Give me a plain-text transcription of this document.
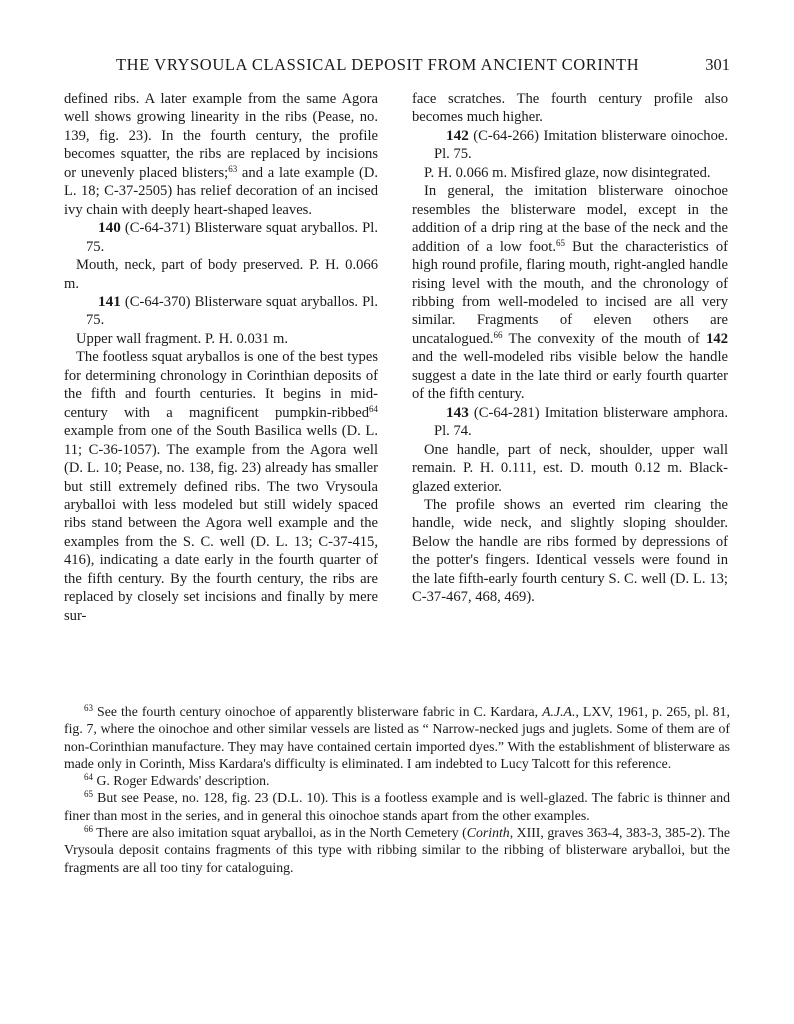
THE VRYSOULA CLASSICAL DEPOSIT FROM ANCIENT CORINTH	301

defined ribs. A later example from the same Agora well shows growing linearity in the ribs (Pease, no. 139, fig. 23). In the fourth century, the profile becomes squatter, the ribs are replaced by incisions or unevenly placed blisters;$^{63}$ and a late example (D. L. 18; C-37-2505) has relief decoration of an incised ivy chain with deeply heart-shaped leaves.

140 (C-64-371) Blisterware squat aryballos. Pl. 75.

Mouth, neck, part of body preserved. P. H. 0.066 m.

141 (C-64-370) Blisterware squat aryballos. Pl. 75.

Upper wall fragment. P. H. 0.031 m.

The footless squat aryballos is one of the best types for determining chronology in Corinthian deposits of the fifth and fourth centuries. It begins in mid-century with a magnificent pumpkin-ribbed$^{64}$ example from one of the South Basilica wells (D. L. 11; C-36-1057). The example from the Agora well (D. L. 10; Pease, no. 138, fig. 23) already has smaller but still extremely defined ribs. The two Vrysoula aryballoi with less modeled but still widely spaced ribs stand between the Agora well example and the examples from the S. C. well (D. L. 13; C-37-415, 416), indicating a date early in the fourth quarter of the fifth century. By the fourth century, the ribs are replaced by closely set incisions and finally by mere sur-

face scratches. The fourth century profile also becomes much higher.

142 (C-64-266) Imitation blisterware oinochoe. Pl. 75.

P. H. 0.066 m. Misfired glaze, now disintegrated.

In general, the imitation blisterware oinochoe resembles the blisterware model, except in the addition of a drip ring at the base of the neck and the addition of a low foot.$^{65}$ But the characteristics of high round profile, flaring mouth, right-angled handle rising level with the mouth, and the chronology of ribbing from well-modeled to incised are all very similar. Fragments of eleven others are uncatalogued.$^{66}$ The convexity of the mouth of 142 and the well-modeled ribs visible below the handle suggest a date in the late third or early fourth quarter of the fifth century.

143 (C-64-281) Imitation blisterware amphora. Pl. 74.

One handle, part of neck, shoulder, upper wall remain. P. H. 0.111, est. D. mouth 0.12 m. Black-glazed exterior.

The profile shows an everted rim clearing the handle, wide neck, and slightly sloping shoulder. Below the handle are ribs formed by depressions of the potter's fingers. Identical vessels were found in the late fifth-early fourth century S. C. well (D. L. 13; C-37-467, 468, 469).

$^{63}$ See the fourth century oinochoe of apparently blisterware fabric in C. Kardara, A.J.A., LXV, 1961, p. 265, pl. 81, fig. 7, where the oinochoe and other similar vessels are listed as “ Narrow-necked jugs and juglets. Some of them are of non-Corinthian manufacture. They may have contained certain imported dyes.” With the establishment of blisterware as made only in Corinth, Miss Kardara's difficulty is eliminated. I am indebted to Lucy Talcott for this reference.

$^{64}$ G. Roger Edwards' description.

$^{65}$ But see Pease, no. 128, fig. 23 (D.L. 10). This is a footless example and is well-glazed. The fabric is thinner and finer than most in the series, and in general this oinochoe stands apart from the other examples.

$^{66}$ There are also imitation squat aryballoi, as in the North Cemetery (Corinth, XIII, graves 363-4, 383-3, 385-2). The Vrysoula deposit contains fragments of this type with ribbing similar to the ribbing of blisterware aryballoi, but the fragments are all too tiny for cataloguing.
